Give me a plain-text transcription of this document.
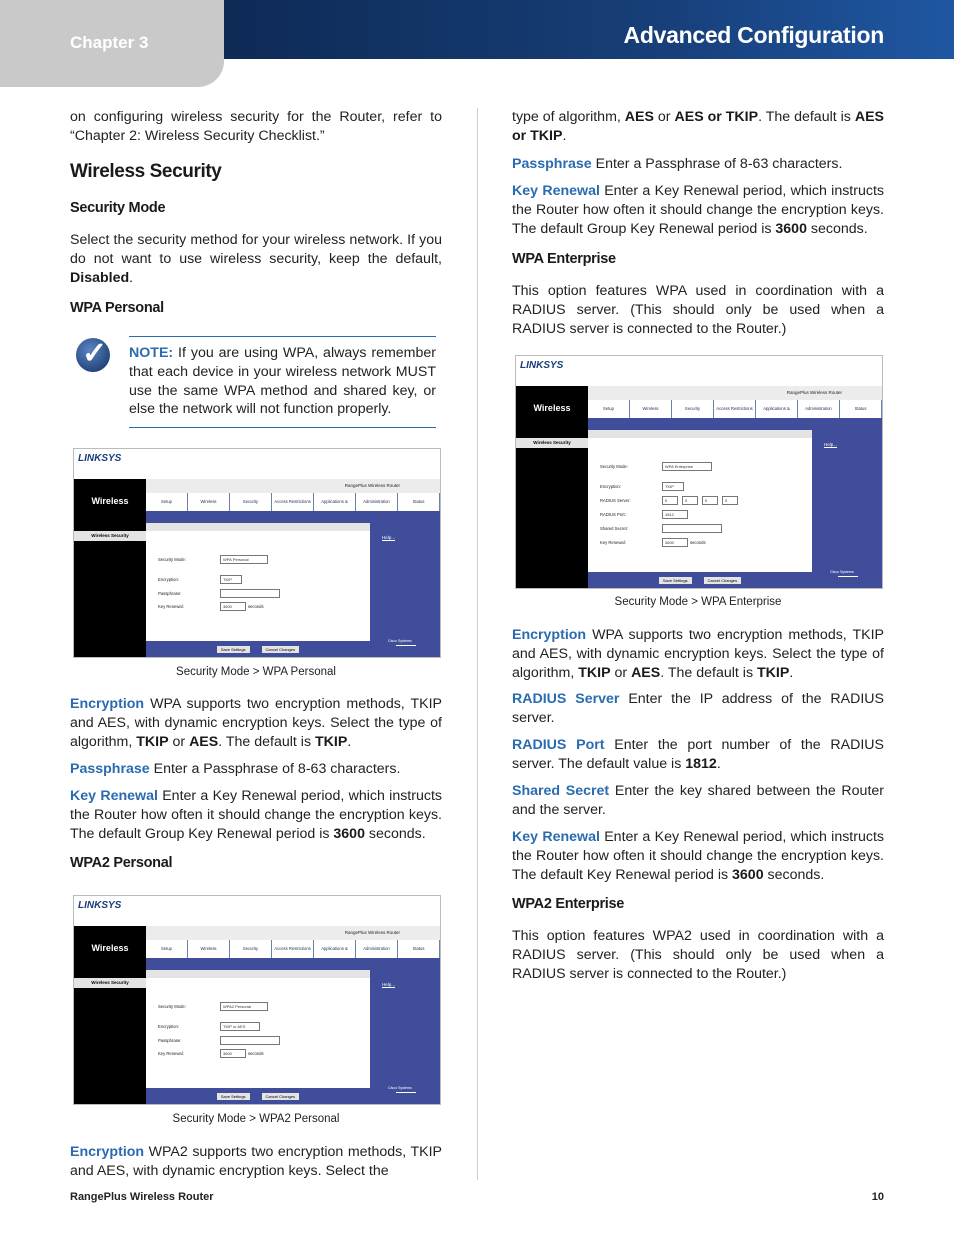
Chapter 3	Advanced Configuration

on configuring wireless security for the Router, refer to “Chapter 2: Wireless Security Checklist.”

Wireless Security
Security Mode

Select the security method for your wireless network. If you do not want to use wireless security, keep the default, Disabled.

WPA Personal
✓ NOTE: If you are using WPA, always remember that each device in your wireless network MUST use the same WPA method and shared key, or else the network will not function properly.

LINKSYS
Wireless
RangePlus Wireless Router
Setup	Wireless	Security	Access Restrictions	Applications &	Administration	Status
Wireless Security	Help...
Cisco Systems
Security Mode:	WPA Personal
Encryption:	TKIP
Passphrase:
Key Renewal:	3600	seconds
Save Settings	Cancel Changes
Security Mode > WPA Personal

Encryption WPA supports two encryption methods, TKIP and AES, with dynamic encryption keys. Select the type of algorithm, TKIP or AES. The default is TKIP.

Passphrase Enter a Passphrase of 8-63 characters.

Key Renewal Enter a Key Renewal period, which instructs the Router how often it should change the encryption keys. The default Group Key Renewal period is 3600 seconds.

WPA2 Personal
LINKSYS
Wireless
RangePlus Wireless Router
Setup	Wireless	Security	Access Restrictions	Applications &	Administration	Status
Wireless Security	Help...
Cisco Systems
Security Mode:	WPA2 Personal
Encryption:	TKIP or AES
Passphrase:
Key Renewal:	3600	seconds
Save Settings	Cancel Changes
Security Mode > WPA2 Personal

Encryption WPA2 supports two encryption methods, TKIP and AES, with dynamic encryption keys. Select the

type of algorithm, AES or AES or TKIP. The default is AES or TKIP.

Passphrase Enter a Passphrase of 8-63 characters.

Key Renewal Enter a Key Renewal period, which instructs the Router how often it should change the encryption keys. The default Group Key Renewal period is 3600 seconds.

WPA Enterprise

This option features WPA used in coordination with a RADIUS server. (This should only be used when a RADIUS server is connected to the Router.)

LINKSYS
Wireless
RangePlus Wireless Router
Setup	Wireless	Security	Access Restrictions	Applications &	Administration	Status
Wireless Security	Help...
Cisco Systems
Security Mode:	WPA Enterprise
Encryption:	TKIP
RADIUS Server:	0	0	0	0
RADIUS Port:	1812
Shared Secret:
Key Renewal:	3600	seconds
Save Settings	Cancel Changes
Security Mode > WPA Enterprise

Encryption WPA supports two encryption methods, TKIP and AES, with dynamic encryption keys. Select the type of algorithm, TKIP or AES. The default is TKIP.

RADIUS Server Enter the IP address of the RADIUS server.

RADIUS Port Enter the port number of the RADIUS server. The default value is 1812.

Shared Secret Enter the key shared between the Router and the server.

Key Renewal Enter a Key Renewal period, which instructs the Router how often it should change the encryption keys. The default Key Renewal period is 3600 seconds.

WPA2 Enterprise

This option features WPA2 used in coordination with a RADIUS server. (This should only be used when a RADIUS server is connected to the Router.)

RangePlus Wireless Router	10
